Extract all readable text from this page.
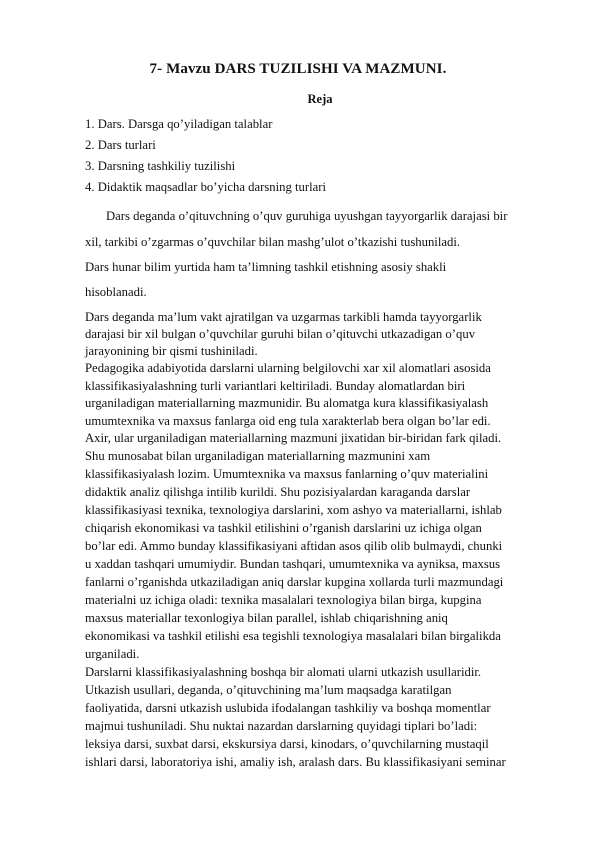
7- Mavzu DARS TUZILISHI VA MAZMUNI.
Reja
1. Dars. Darsga qo’yiladigan talablar
2. Dars turlari
3. Darsning tashkiliy tuzilishi
4. Didaktik maqsadlar bo’yicha darsning turlari
Dars deganda o’qituvchning o’quv guruhiga uyushgan tayyorgarlik darajasi bir
xil, tarkibi o’zgarmas o’quvchilar bilan mashg’ulot o’tkazishi tushuniladi.
Dars hunar bilim yurtida ham ta’limning tashkil etishning asosiy shakli
hisoblanadi.
Dars deganda ma’lum vakt ajratilgan va uzgarmas tarkibli hamda tayyorgarlik
darajasi bir xil bulgan o’quvchilar guruhi bilan o’qituvchi utkazadigan o’quv
jarayonining bir qismi tushiniladi.
Pedagogika adabiyotida darslarni ularning belgilovchi xar xil alomatlari asosida
klassifikasiyalashning turli variantlari keltiriladi. Bunday alomatlardan biri
urganiladigan materiallarning mazmunidir. Bu alomatga kura klassifikasiyalash
umumtexnika va maxsus fanlarga oid eng tula xarakterlab bera olgan bo’lar edi.
Axir, ular urganiladigan materiallarning mazmuni jixatidan bir-biridan fark qiladi.
Shu munosabat bilan urganiladigan materiallarning mazmunini xam
klassifikasiyalash lozim. Umumtexnika va maxsus fanlarning o’quv materialini
didaktik analiz qilishga intilib kurildi. Shu pozisiyalardan karaganda darslar
klassifikasiyasi texnika, texnologiya darslarini, xom ashyo va materiallarni, ishlab
chiqarish ekonomikasi va tashkil etilishini o’rganish darslarini uz ichiga olgan
bo’lar edi. Ammo bunday klassifikasiyani aftidan asos qilib olib bulmaydi, chunki
u xaddan tashqari umumiydir. Bundan tashqari, umumtexnika va ayniksa, maxsus
fanlarni o’rganishda utkaziladigan aniq darslar kupgina xollarda turli mazmundagi
materialni uz ichiga oladi: texnika masalalari texnologiya bilan birga, kupgina
maxsus materiallar texonlogiya bilan parallel, ishlab chiqarishning aniq
ekonomikasi va tashkil etilishi esa tegishli texnologiya masalalari bilan birgalikda
urganiladi.
Darslarni klassifikasiyalashning boshqa bir alomati ularni utkazish usullaridir.
Utkazish usullari, deganda, o’qituvchining ma’lum maqsadga karatilgan
faoliyatida, darsni utkazish uslubida ifodalangan tashkiliy va boshqa momentlar
majmui tushuniladi. Shu nuktai nazardan darslarning quyidagi tiplari bo’ladi:
leksiya darsi, suxbat darsi, ekskursiya darsi, kinodars, o’quvchilarning mustaqil
ishlari darsi, laboratoriya ishi, amaliy ish, aralash dars. Bu klassifikasiyani seminar
